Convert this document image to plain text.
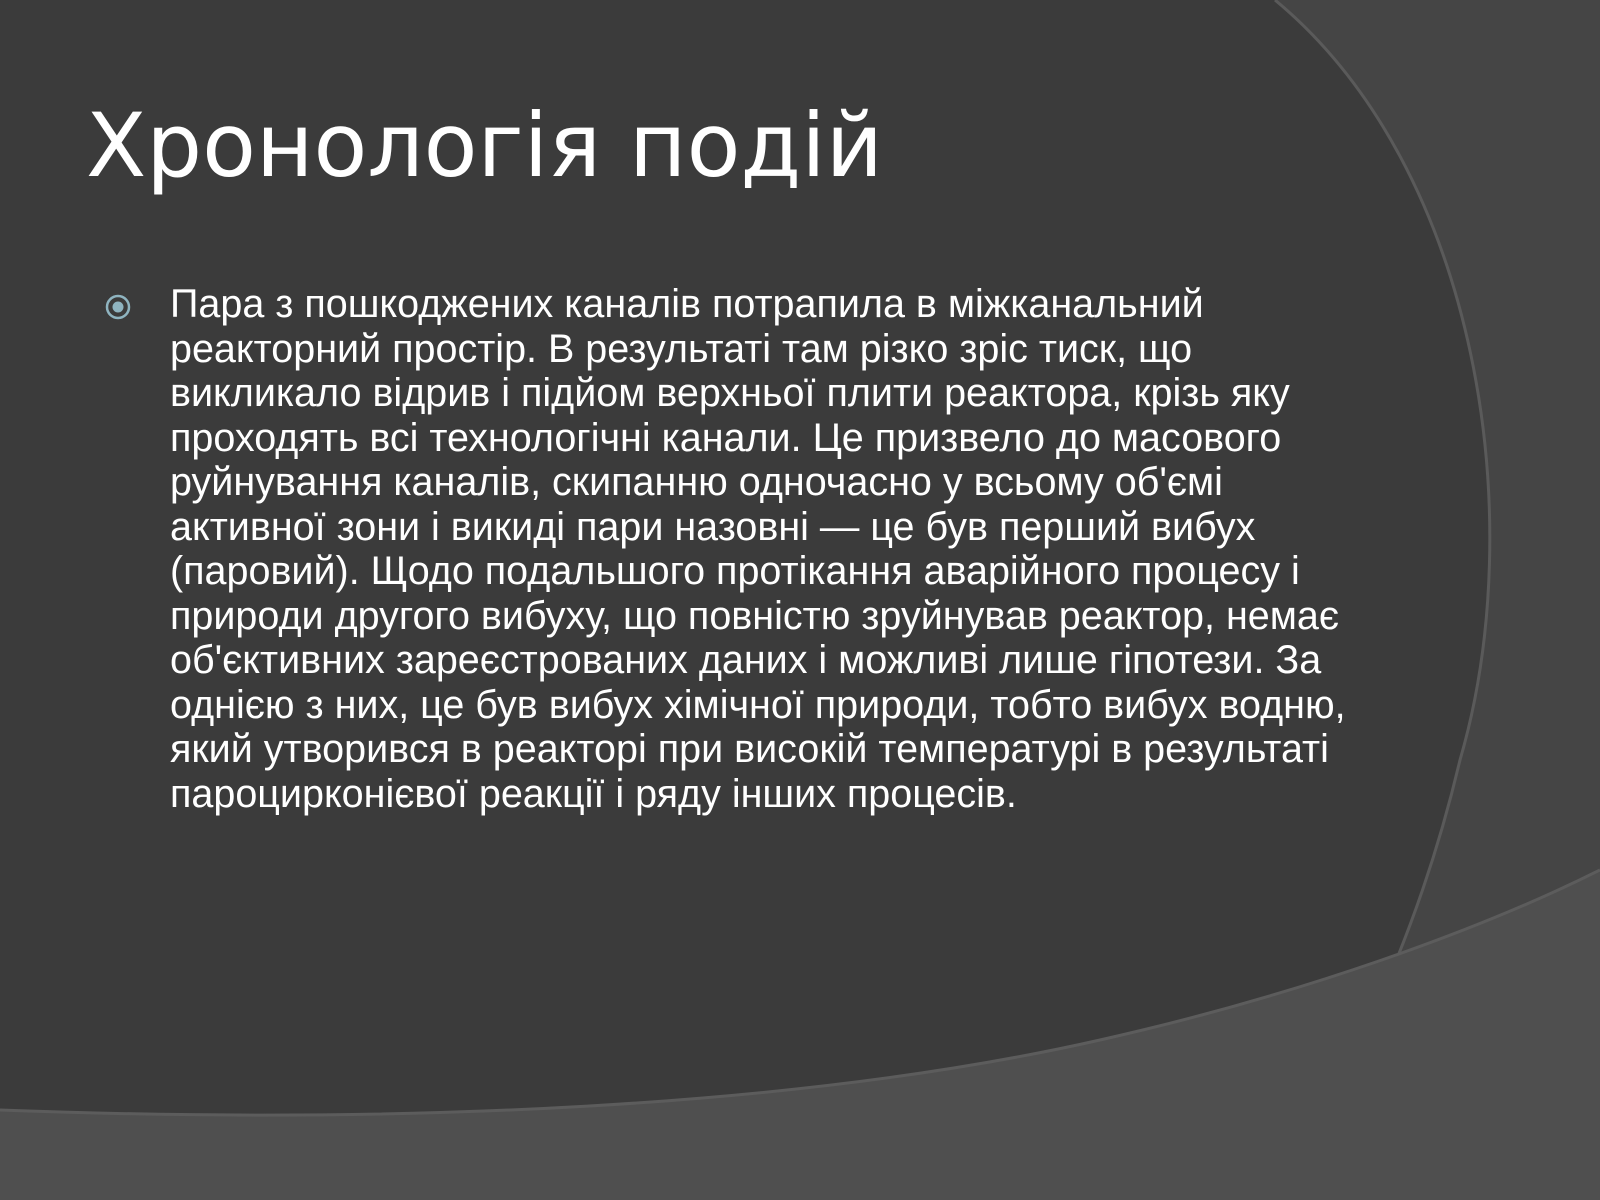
Хронологія подій

Пара з пошкоджених каналів потрапила в міжканальний реакторний простір. В результаті там різко зріс тиск, що викликало відрив і підйом верхньої плити реактора, крізь яку проходять всі технологічні канали. Це призвело до масового руйнування каналів, скипанню одночасно у всьому об'ємі активної зони і викиді пари назовні — це був перший вибух (паровий). Щодо подальшого протікання аварійного процесу і природи другого вибуху, що повністю зруйнував реактор, немає об'єктивних зареєстрованих даних і можливі лише гіпотези. За однією з них, це був вибух хімічної природи, тобто вибух водню, який утворився в реакторі при високій температурі в результаті пароцирконієвої реакції і ряду інших процесів.
